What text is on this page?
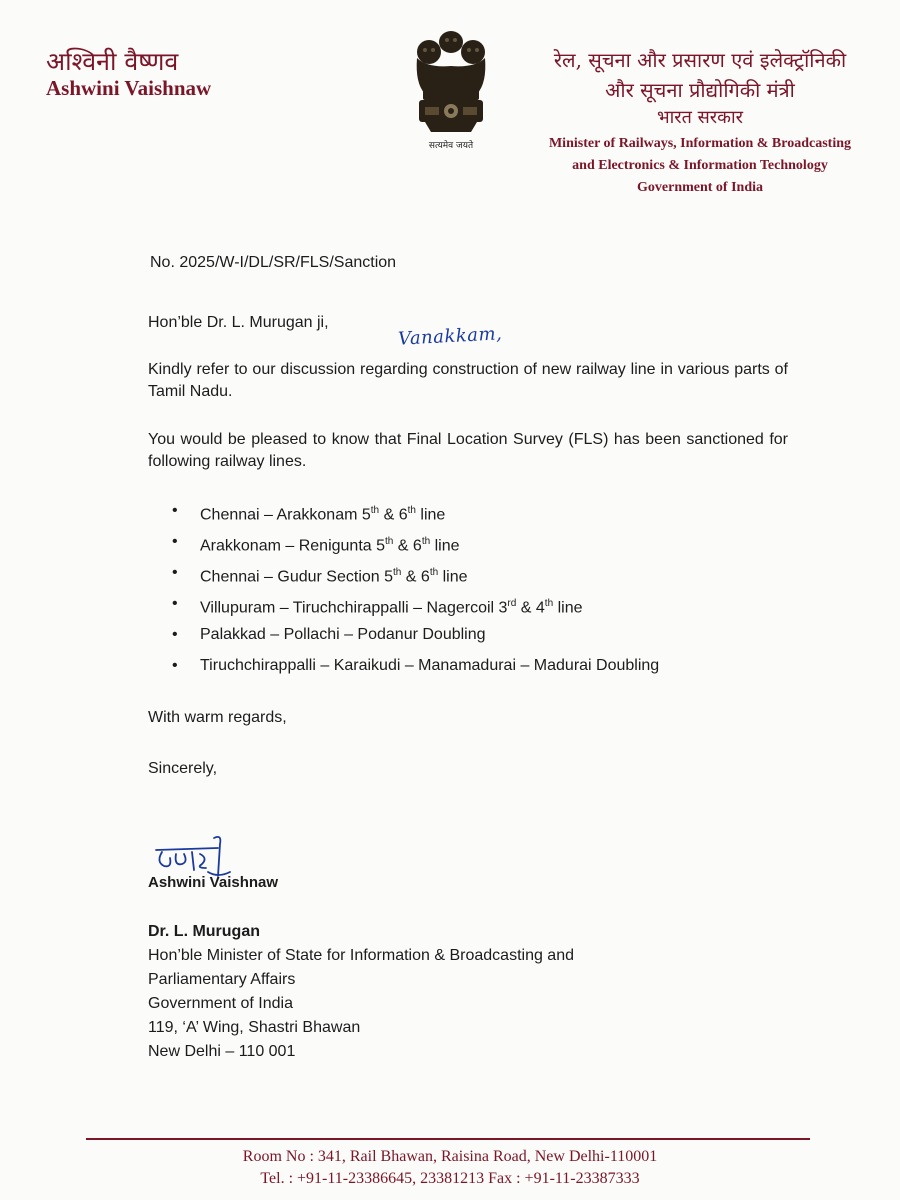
अश्विनी वैष्णव
Ashwini Vaishnaw
सत्यमेव जयते
रेल, सूचना और प्रसारण एवं इलेक्ट्रॉनिकी
और सूचना प्रौद्योगिकी मंत्री
भारत सरकार
Minister of Railways, Information & Broadcasting
and Electronics & Information Technology
Government of India
No. 2025/W-I/DL/SR/FLS/Sanction
Hon’ble Dr. L. Murugan ji,
Vanakkam,
Kindly refer to our discussion regarding construction of new railway line in various parts of Tamil Nadu.
You would be pleased to know that Final Location Survey (FLS) has been sanctioned for following railway lines.
• Chennai – Arakkonam 5th & 6th line
• Arakkonam – Renigunta 5th & 6th line
• Chennai – Gudur Section 5th & 6th line
• Villupuram – Tiruchchirappalli – Nagercoil 3rd & 4th line
• Palakkad – Pollachi – Podanur Doubling
• Tiruchchirappalli – Karaikudi – Manamadurai – Madurai Doubling
With warm regards,
Sincerely,
Ashwini Vaishnaw
Dr. L. Murugan
Hon’ble Minister of State for Information & Broadcasting and
Parliamentary Affairs
Government of India
119, ‘A’ Wing, Shastri Bhawan
New Delhi – 110 001
Room No : 341, Rail Bhawan, Raisina Road, New Delhi-110001
Tel. : +91-11-23386645, 23381213 Fax : +91-11-23387333
